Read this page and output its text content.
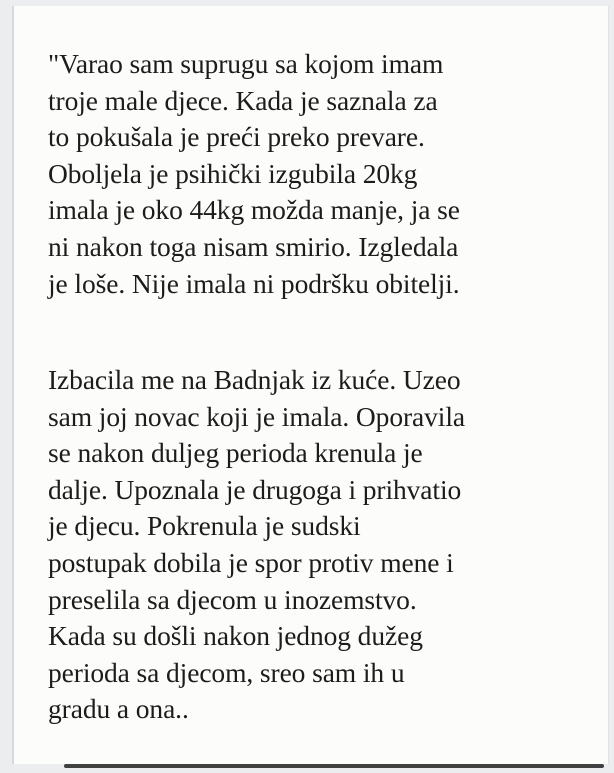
"Varao sam suprugu sa kojom imam
troje male djece. Kada je saznala za
to pokušala je preći preko prevare.
Oboljela je psihički izgubila 20kg
imala je oko 44kg možda manje, ja se
ni nakon toga nisam smirio. Izgledala
je loše. Nije imala ni podršku obitelji.

Izbacila me na Badnjak iz kuće. Uzeo
sam joj novac koji je imala. Oporavila
se nakon duljeg perioda krenula je
dalje. Upoznala je drugoga i prihvatio
je djecu. Pokrenula je sudski
postupak dobila je spor protiv mene i
preselila sa djecom u inozemstvo.
Kada su došli nakon jednog dužeg
perioda sa djecom, sreo sam ih u
gradu a ona..
